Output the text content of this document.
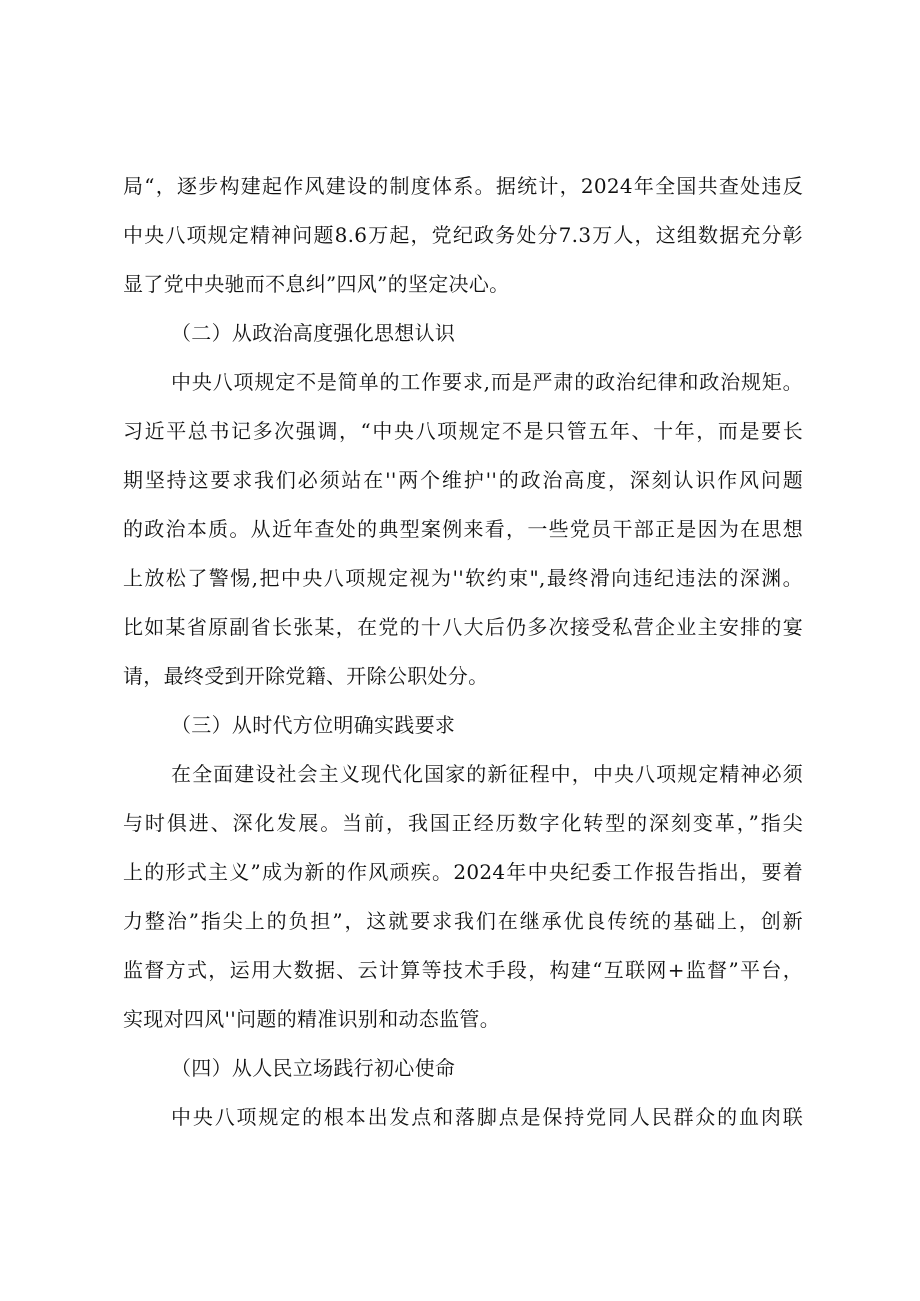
局“，逐步构建起作风建设的制度体系。据统计，2024年全国共查处违反
中央八项规定精神问题8.6万起，党纪政务处分7.3万人，这组数据充分彰
显了党中央驰而不息纠”四风”的坚定决心。
（二）从政治高度强化思想认识
中央八项规定不是简单的工作要求,而是严肃的政治纪律和政治规矩。
习近平总书记多次强调，“中央八项规定不是只管五年、十年，而是要长
期坚持这要求我们必须站在''两个维护''的政治高度，深刻认识作风问题
的政治本质。从近年查处的典型案例来看，一些党员干部正是因为在思想
上放松了警惕,把中央八项规定视为''软约束",最终滑向违纪违法的深渊。
比如某省原副省长张某，在党的十八大后仍多次接受私营企业主安排的宴
请，最终受到开除党籍、开除公职处分。
（三）从时代方位明确实践要求
在全面建设社会主义现代化国家的新征程中，中央八项规定精神必须
与时俱进、深化发展。当前，我国正经历数字化转型的深刻变革，”指尖
上的形式主义”成为新的作风顽疾。2024年中央纪委工作报告指出，要着
力整治”指尖上的负担”，这就要求我们在继承优良传统的基础上，创新
监督方式，运用大数据、云计算等技术手段，构建“互联网+监督”平台，
实现对四风''问题的精准识别和动态监管。
（四）从人民立场践行初心使命
中央八项规定的根本出发点和落脚点是保持党同人民群众的血肉联
